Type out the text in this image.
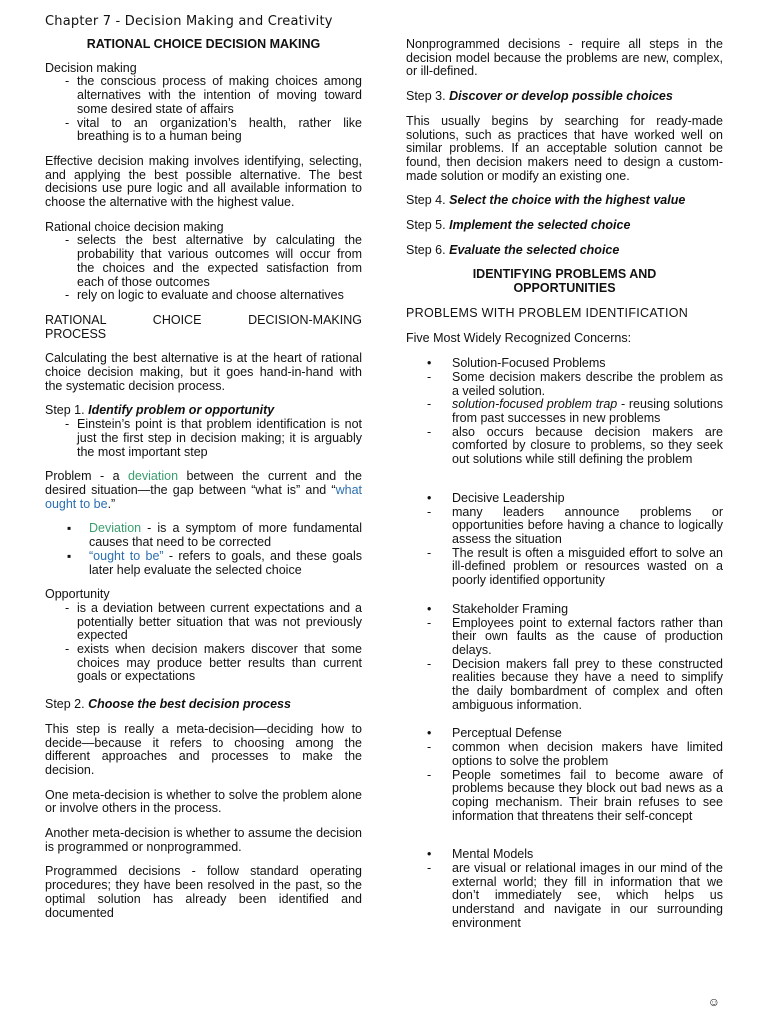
Chapter 7 - Decision Making and Creativity
RATIONAL CHOICE DECISION MAKING
Decision making
- the conscious process of making choices among alternatives with the intention of moving toward some desired state of affairs
- vital to an organization’s health, rather like breathing is to a human being

Effective decision making involves identifying, selecting, and applying the best possible alternative. The best decisions use pure logic and all available information to choose the alternative with the highest value.

Rational choice decision making
- selects the best alternative by calculating the probability that various outcomes will occur from the choices and the expected satisfaction from each of those outcomes
- rely on logic to evaluate and choose alternatives
RATIONAL CHOICE DECISION-MAKING
PROCESS

Calculating the best alternative is at the heart of rational choice decision making, but it goes hand-in-hand with the systematic decision process.

Step 1. Identify problem or opportunity
- Einstein’s point is that problem identification is not just the first step in decision making; it is arguably the most important step

Problem - a deviation between the current and the desired situation—the gap between “what is” and “what ought to be.”

▪ Deviation - is a symptom of more fundamental causes that need to be corrected
▪ “ought to be” - refers to goals, and these goals later help evaluate the selected choice
Opportunity
- is a deviation between current expectations and a potentially better situation that was not previously expected
- exists when decision makers discover that some choices may produce better results than current goals or expectations

Step 2. Choose the best decision process

This step is really a meta-decision—deciding how to decide—because it refers to choosing among the different approaches and processes to make the decision.

One meta-decision is whether to solve the problem alone or involve others in the process.

Another meta-decision is whether to assume the decision is programmed or nonprogrammed.

Programmed decisions - follow standard operating procedures; they have been resolved in the past, so the optimal solution has already been identified and documented

Nonprogrammed decisions - require all steps in the decision model because the problems are new, complex, or ill-defined.

Step 3. Discover or develop possible choices

This usually begins by searching for ready-made solutions, such as practices that have worked well on similar problems. If an acceptable solution cannot be found, then decision makers need to design a custom-made solution or modify an existing one.

Step 4. Select the choice with the highest value

Step 5. Implement the selected choice

Step 6. Evaluate the selected choice

IDENTIFYING PROBLEMS AND
OPPORTUNITIES

PROBLEMS WITH PROBLEM IDENTIFICATION

Five Most Widely Recognized Concerns:

• Solution-Focused Problems
- Some decision makers describe the problem as a veiled solution.
- solution-focused problem trap - reusing solutions from past successes in new problems
- also occurs because decision makers are comforted by closure to problems, so they seek out solutions while still defining the problem
• Decisive Leadership
- many leaders announce problems or opportunities before having a chance to logically assess the situation
- The result is often a misguided effort to solve an ill-defined problem or resources wasted on a poorly identified opportunity
• Stakeholder Framing
- Employees point to external factors rather than their own faults as the cause of production delays.
- Decision makers fall prey to these constructed realities because they have a need to simplify the daily bombardment of complex and often ambiguous information.
• Perceptual Defense
- common when decision makers have limited options to solve the problem
- People sometimes fail to become aware of problems because they block out bad news as a coping mechanism. Their brain refuses to see information that threatens their self-concept
• Mental Models
- are visual or relational images in our mind of the external world; they fill in information that we don’t immediately see, which helps us understand and navigate in our surrounding environment
☺
